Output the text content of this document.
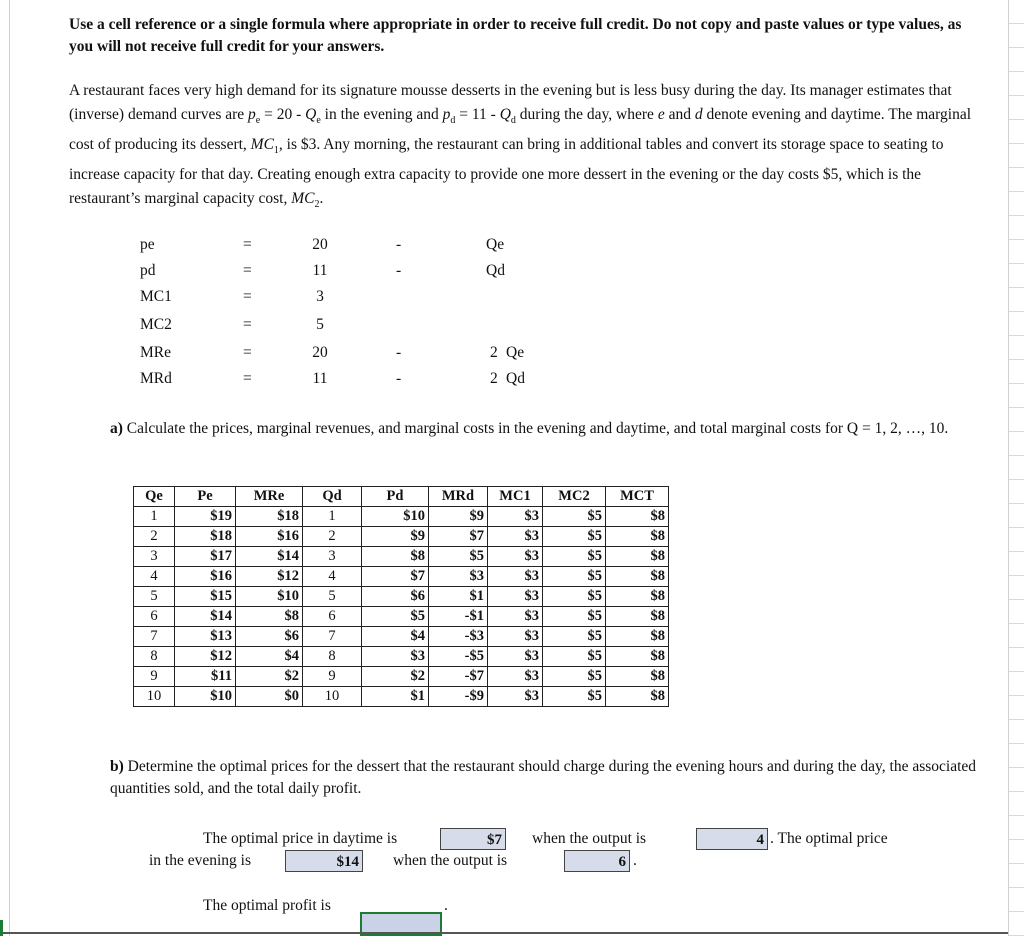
Use a cell reference or a single formula where appropriate in order to receive full credit. Do not copy and paste values or type values, as you will not receive full credit for your answers.
A restaurant faces very high demand for its signature mousse desserts in the evening but is less busy during the day. Its manager estimates that (inverse) demand curves are $p_e = 20 - Q_e$ in the evening and $p_d = 11 - Q_d$ during the day, where e and d denote evening and daytime. The marginal cost of producing its dessert, $MC_1$, is $3. Any morning, the restaurant can bring in additional tables and convert its storage space to seating to increase capacity for that day. Creating enough extra capacity to provide one more dessert in the evening or the day costs $5, which is the restaurant’s marginal capacity cost, $MC_2$.
pe	=	20	-	Qe
pd	=	11	-	Qd
MC1	=	3
MC2	=	5
MRe	=	20	-	2 Qe
MRd	=	11	-	2 Qd
a) Calculate the prices, marginal revenues, and marginal costs in the evening and daytime, and total marginal costs for Q = 1, 2, …, 10.
Qe	Pe	MRe	Qd	Pd	MRd	MC1	MC2	MCT
1	$19	$18	1	$10	$9	$3	$5	$8
2	$18	$16	2	$9	$7	$3	$5	$8
3	$17	$14	3	$8	$5	$3	$5	$8
4	$16	$12	4	$7	$3	$3	$5	$8
5	$15	$10	5	$6	$1	$3	$5	$8
6	$14	$8	6	$5	-$1	$3	$5	$8
7	$13	$6	7	$4	-$3	$3	$5	$8
8	$12	$4	8	$3	-$5	$3	$5	$8
9	$11	$2	9	$2	-$7	$3	$5	$8
10	$10	$0	10	$1	-$9	$3	$5	$8
b) Determine the optimal prices for the dessert that the restaurant should charge during the evening hours and during the day, the associated quantities sold, and the total daily profit.
The optimal price in daytime is	$7 when the output is	4 . The optimal price
in the evening is	$14 when the output is	6 .
The optimal profit is	.
